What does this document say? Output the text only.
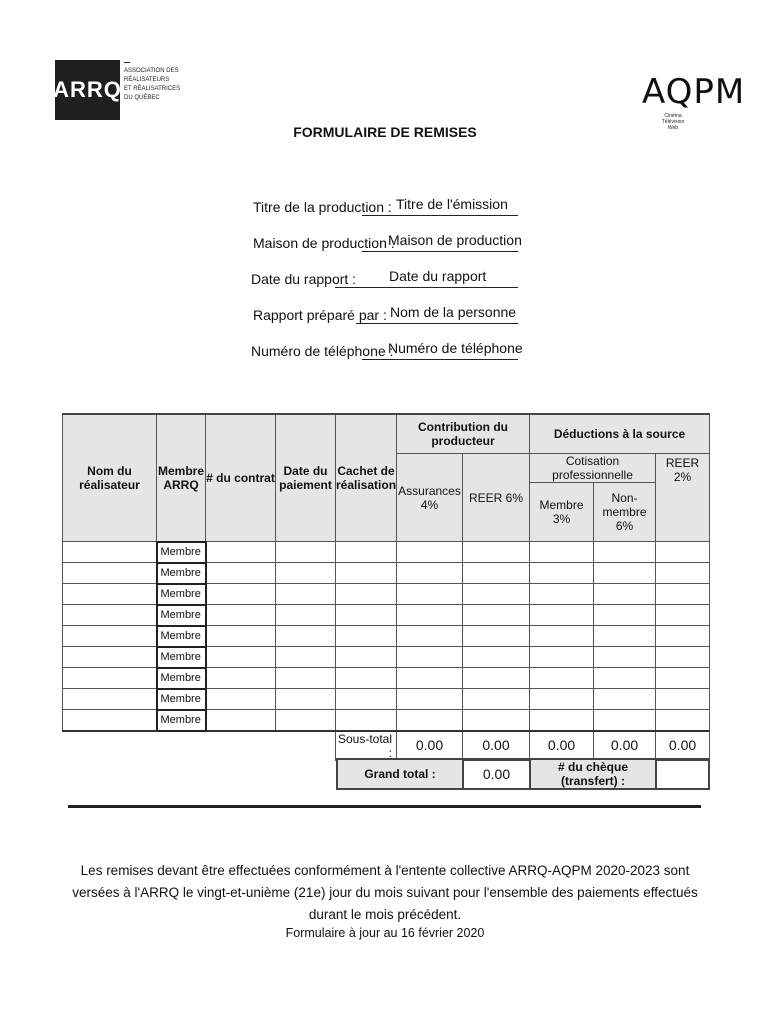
ARRQ
ASSOCIATION DES
RÉALISATEURS
ET RÉALISATRICES
DU QUÉBEC	AQPM
Cinéma
Télévision
Web
FORMULAIRE DE REMISES
Titre de la production : Titre de l'émission
Maison de production :
Maison de production
Date du rapport : Date du rapport
Rapport préparé par : Nom de la personne
Numéro de téléphone :
Numéro de téléphone
Nom du réalisateur	Membre ARRQ	# du contrat	Date du paiement	Cachet de réalisation	Contribution du producteur		Déductions à la source		
					Assurances 4%	REER 6%	Cotisation professionnelle		REER 2%
							Membre 3%	Non-membre 6%	
	Membre								
	Membre								
	Membre								
	Membre								
	Membre								
	Membre								
	Membre								
	Membre								
	Membre								
				Sous-total :	0.00	0.00	0.00	0.00	0.00
Grand total :	0.00	# du chèque (transfert) :	
Les remises devant être effectuées conformément à l'entente collective ARRQ-AQPM 2020-2023 sont versées à l'ARRQ le vingt-et-unième (21e) jour du mois suivant pour l'ensemble des paiements effectués durant le mois précédent.
Formulaire à jour au 16 février 2020
